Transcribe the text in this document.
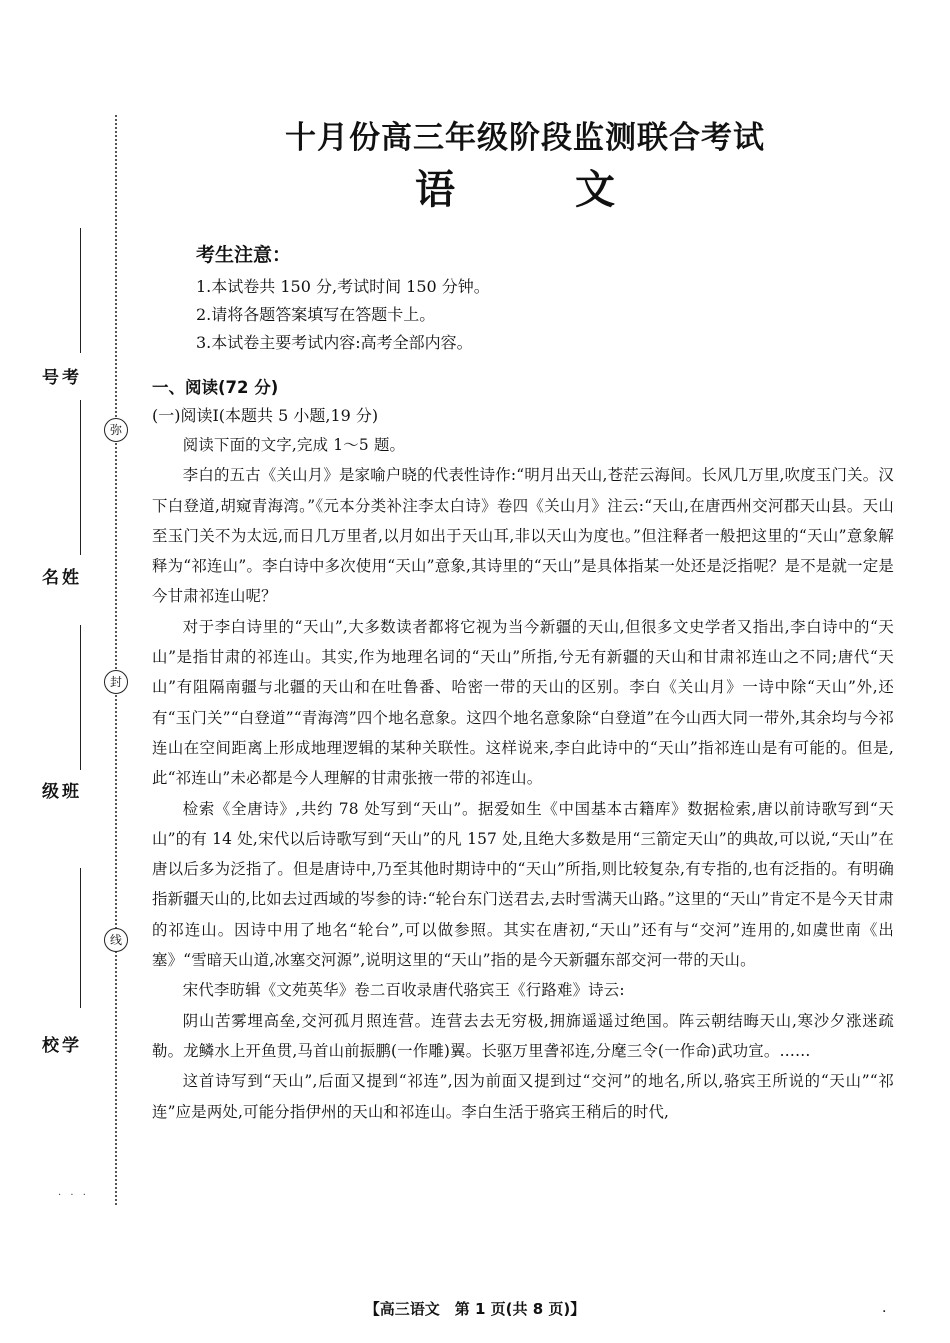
弥
封
线
考号
姓名
班级
学校
· · ·
十月份高三年级阶段监测联合考试
语	文
考生注意：
1.本试卷共 150 分,考试时间 150 分钟。
2.请将各题答案填写在答题卡上。
3.本试卷主要考试内容:高考全部内容。
一、阅读(72 分)
(一)阅读Ⅰ(本题共 5 小题,19 分)

阅读下面的文字,完成 1～5 题。

李白的五古《关山月》是家喻户晓的代表性诗作:“明月出天山,苍茫云海间。长风几万里,吹度玉门关。汉下白登道,胡窥青海湾。”《元本分类补注李太白诗》卷四《关山月》注云:“天山,在唐西州交河郡天山县。天山至玉门关不为太远,而日几万里者,以月如出于天山耳,非以天山为度也。”但注释者一般把这里的“天山”意象解释为“祁连山”。李白诗中多次使用“天山”意象,其诗里的“天山”是具体指某一处还是泛指呢？是不是就一定是今甘肃祁连山呢？

对于李白诗里的“天山”,大多数读者都将它视为当今新疆的天山,但很多文史学者又指出,李白诗中的“天山”是指甘肃的祁连山。其实,作为地理名词的“天山”所指,兮无有新疆的天山和甘肃祁连山之不同;唐代“天山”有阻隔南疆与北疆的天山和在吐鲁番、哈密一带的天山的区别。李白《关山月》一诗中除“天山”外,还有“玉门关”“白登道”“青海湾”四个地名意象。这四个地名意象除“白登道”在今山西大同一带外,其余均与今祁连山在空间距离上形成地理逻辑的某种关联性。这样说来,李白此诗中的“天山”指祁连山是有可能的。但是,此“祁连山”未必都是今人理解的甘肃张掖一带的祁连山。

检索《全唐诗》,共约 78 处写到“天山”。据爱如生《中国基本古籍库》数据检索,唐以前诗歌写到“天山”的有 14 处,宋代以后诗歌写到“天山”的凡 157 处,且绝大多数是用“三箭定天山”的典故,可以说,“天山”在唐以后多为泛指了。但是唐诗中,乃至其他时期诗中的“天山”所指,则比较复杂,有专指的,也有泛指的。有明确指新疆天山的,比如去过西域的岑参的诗:“轮台东门送君去,去时雪满天山路。”这里的“天山”肯定不是今天甘肃的祁连山。因诗中用了地名“轮台”,可以做参照。其实在唐初,“天山”还有与“交河”连用的,如虞世南《出塞》“雪暗天山道,冰塞交河源”,说明这里的“天山”指的是今天新疆东部交河一带的天山。

宋代李昉辑《文苑英华》卷二百收录唐代骆宾王《行路难》诗云:

阴山苦雾埋高垒,交河孤月照连营。连营去去无穷极,拥旆遥遥过绝国。阵云朝结晦天山,寒沙夕涨迷疏勒。龙鳞水上开鱼贯,马首山前振鹏(一作雕)翼。长驱万里詟祁连,分麾三令(一作命)武功宣。……

这首诗写到“天山”,后面又提到“祁连”,因为前面又提到过“交河”的地名,所以,骆宾王所说的“天山”“祁连”应是两处,可能分指伊州的天山和祁连山。李白生活于骆宾王稍后的时代,

【高三语文　第 1 页(共 8 页)】	.
